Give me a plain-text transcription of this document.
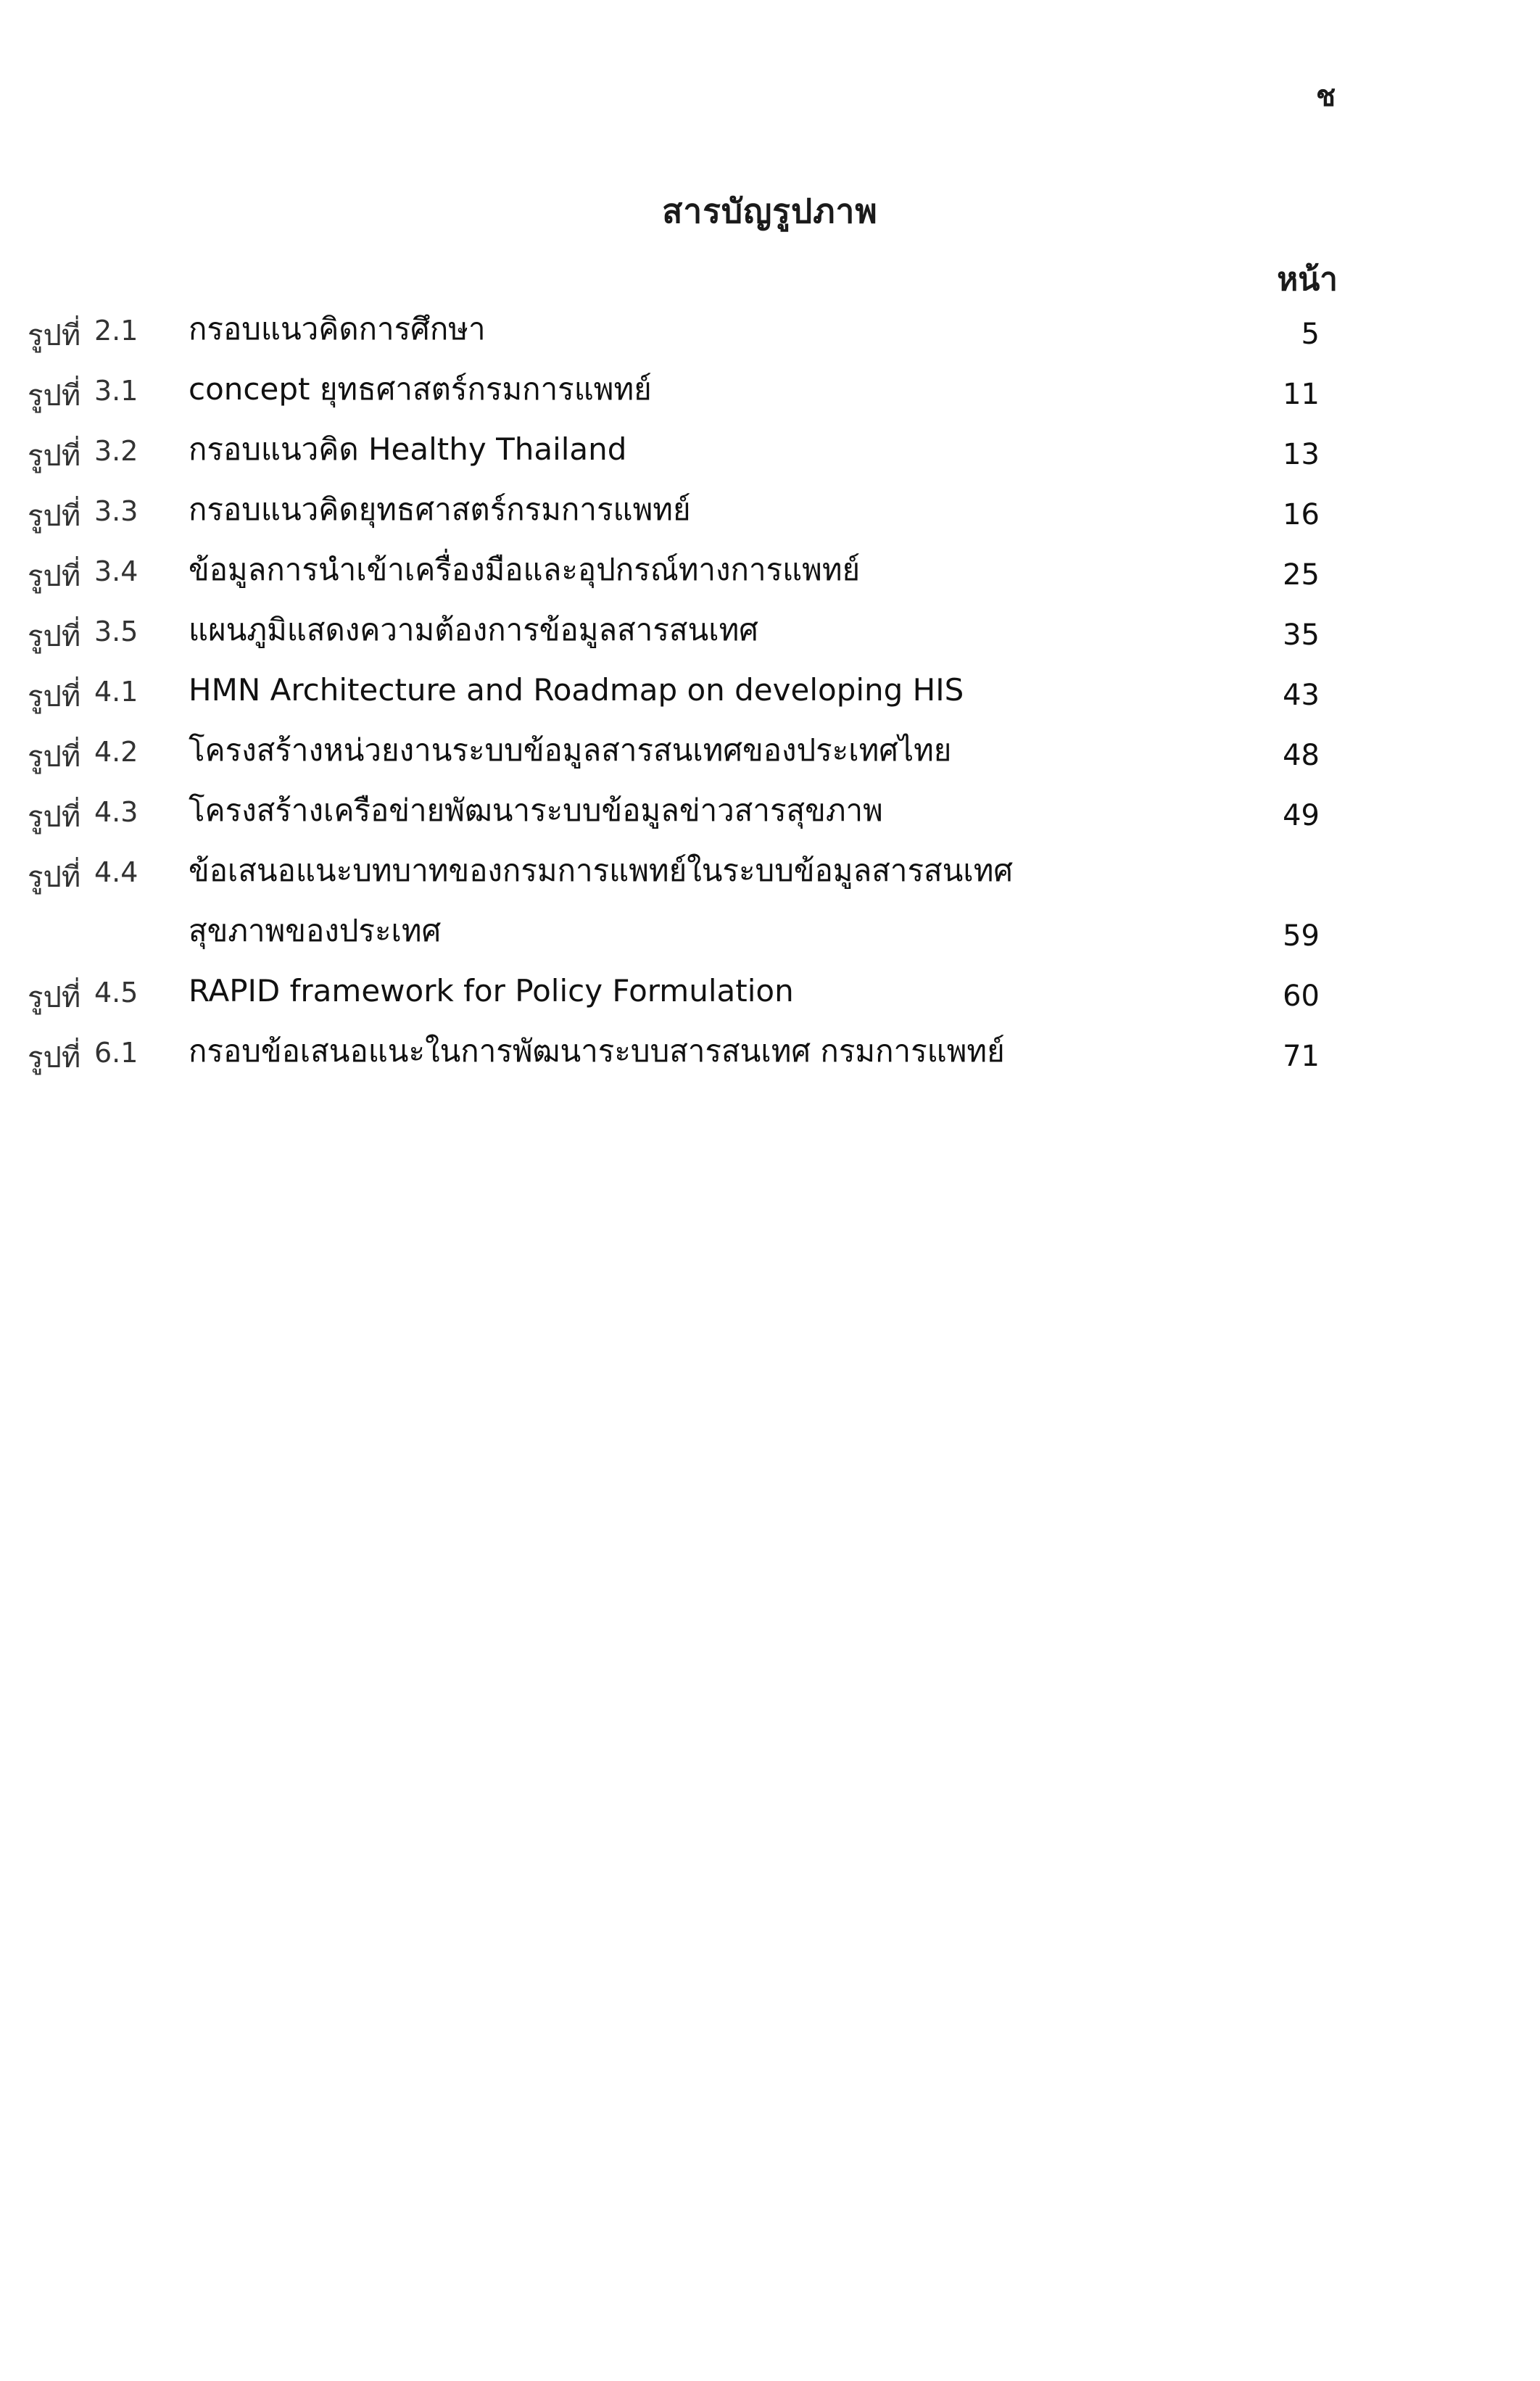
ช
สารบัญรูปภาพ
หน้า
รูปที่ 2.1 กรอบแนวคิดการศึกษา	5
รูปที่ 3.1 concept ยุทธศาสตร์กรมการแพทย์	11
รูปที่ 3.2 กรอบแนวคิด Healthy Thailand	13
รูปที่ 3.3 กรอบแนวคิดยุทธศาสตร์กรมการแพทย์	16
รูปที่ 3.4 ข้อมูลการนำเข้าเครื่องมือและอุปกรณ์ทางการแพทย์	25
รูปที่ 3.5 แผนภูมิแสดงความต้องการข้อมูลสารสนเทศ	35
รูปที่ 4.1 HMN Architecture and Roadmap on developing HIS	43
รูปที่ 4.2 โครงสร้างหน่วยงานระบบข้อมูลสารสนเทศของประเทศไทย	48
รูปที่ 4.3 โครงสร้างเครือข่ายพัฒนาระบบข้อมูลข่าวสารสุขภาพ	49
รูปที่ 4.4 ข้อเสนอแนะบทบาทของกรมการแพทย์ในระบบข้อมูลสารสนเทศ
สุขภาพของประเทศ	59
รูปที่ 4.5 RAPID framework for Policy Formulation	60
รูปที่ 6.1 กรอบข้อเสนอแนะในการพัฒนาระบบสารสนเทศ กรมการแพทย์	71
